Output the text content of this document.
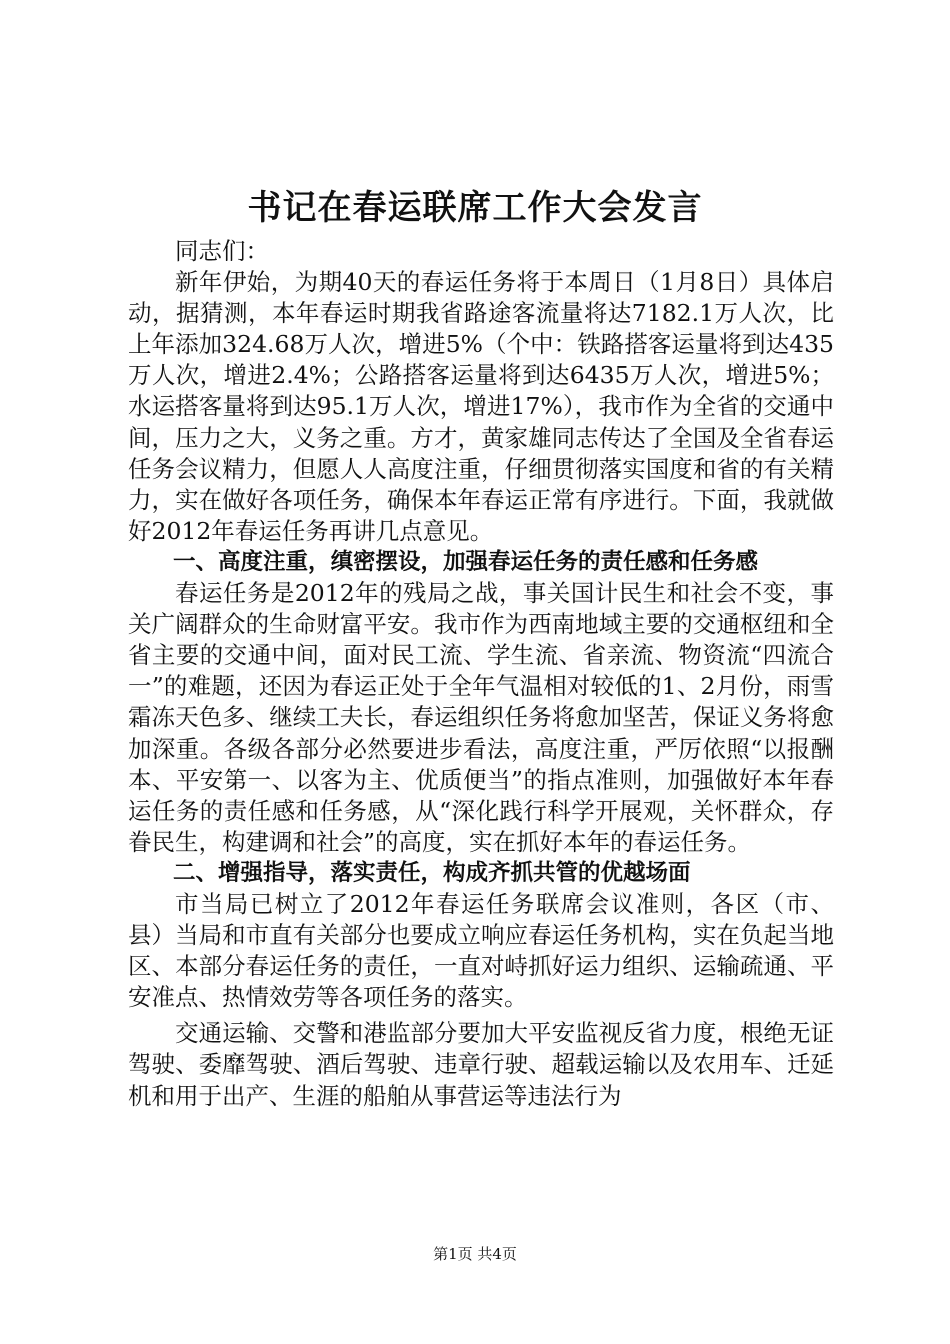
书记在春运联席工作大会发言

同志们：

新年伊始，为期40天的春运任务将于本周日（1月8日）具体启动，据猜测，本年春运时期我省路途客流量将达7182.1万人次，比上年添加324.68万人次，增进5%（个中：铁路搭客运量将到达435万人次，增进2.4%；公路搭客运量将到达6435万人次，增进5%；水运搭客量将到达95.1万人次，增进17%），我市作为全省的交通中间，压力之大，义务之重。方才，黄家雄同志传达了全国及全省春运任务会议精力，但愿人人高度注重，仔细贯彻落实国度和省的有关精力，实在做好各项任务，确保本年春运正常有序进行。下面，我就做好2012年春运任务再讲几点意见。

一、高度注重，缜密摆设，加强春运任务的责任感和任务感

春运任务是2012年的残局之战，事关国计民生和社会不变，事关广阔群众的生命财富平安。我市作为西南地域主要的交通枢纽和全省主要的交通中间，面对民工流、学生流、省亲流、物资流“四流合一”的难题，还因为春运正处于全年气温相对较低的1、2月份，雨雪霜冻天色多、继续工夫长，春运组织任务将愈加坚苦，保证义务将愈加深重。各级各部分必然要进步看法，高度注重，严厉依照“以报酬本、平安第一、以客为主、优质便当”的指点准则，加强做好本年春运任务的责任感和任务感，从“深化践行科学开展观，关怀群众，存眷民生，构建调和社会”的高度，实在抓好本年的春运任务。

二、增强指导，落实责任，构成齐抓共管的优越场面

市当局已树立了2012年春运任务联席会议准则，各区（市、县）当局和市直有关部分也要成立响应春运任务机构，实在负起当地区、本部分春运任务的责任，一直对峙抓好运力组织、运输疏通、平安准点、热情效劳等各项任务的落实。

交通运输、交警和港监部分要加大平安监视反省力度，根绝无证驾驶、委靡驾驶、酒后驾驶、违章行驶、超载运输以及农用车、迁延机和用于出产、生涯的船舶从事营运等违法行为

第1页 共4页
